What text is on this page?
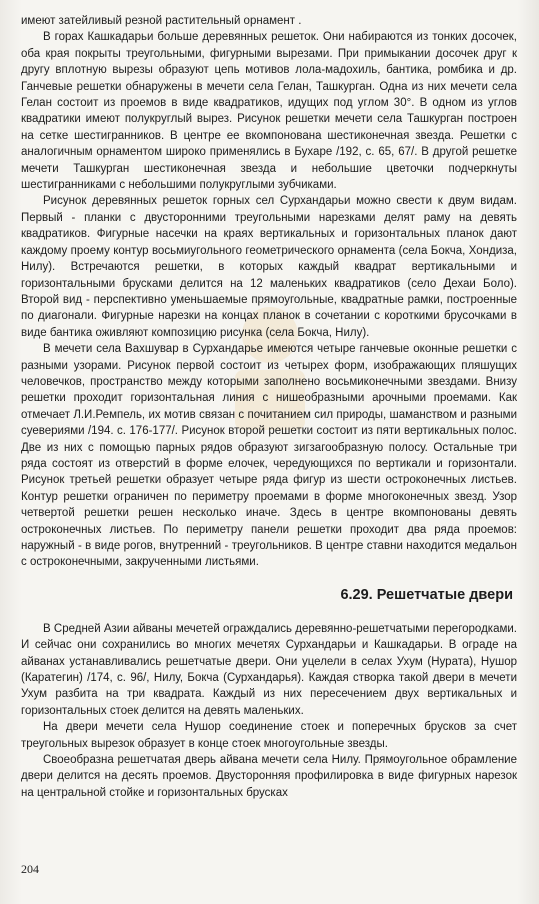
имеют затейливый резной растительный орнамент .

В горах Кашкадарьи больше деревянных решеток. Они набираются из тонких досочек, оба края покрыты треугольными, фигурными вырезами. При примыкании досочек друг к другу вплотную вырезы образуют цепь мотивов лола-мадохиль, бантика, ромбика и др. Ганчевые решетки обнаружены в мечети села Гелан, Ташкурган. Одна из них мечети села Гелан состоит из проемов в виде квадратиков, идущих под углом 30°. В одном из углов квадратики имеют полукруглый вырез. Рисунок решетки мечети села Ташкурган построен на сетке шестигранников. В центре ее вкомпонована шестиконечная звезда. Решетки с аналогичным орнаментом широко применялись в Бухаре /192, с. 65, 67/. В другой решетке мечети Ташкурган шестиконечная звезда и небольшие цветочки подчеркнуты шестигранниками с небольшими полукруглыми зубчиками.

Рисунок деревянных решеток горных сел Сурхандарьи можно свести к двум видам. Первый - планки с двусторонними треугольными нарезками делят раму на девять квадратиков. Фигурные насечки на краях вертикальных и горизонтальных планок дают каждому проему контур восьмиугольного геометрического орнамента (села Бокча, Хондиза, Нилу). Встречаются решетки, в которых каждый квадрат вертикальными и горизонтальными брусками делится на 12 маленьких квадратиков (село Дехаи Боло). Второй вид - перспективно уменьшаемые прямоугольные, квадратные рамки, построенные по диагонали. Фигурные нарезки на концах планок в сочетании с короткими брусочками в виде бантика оживляют композицию рисунка (села Бокча, Нилу).

В мечети села Вахшувар в Сурхандарье имеются четыре ганчевые оконные решетки с разными узорами. Рисунок первой состоит из четырех форм, изображающих пляшущих человечков, пространство между которыми заполнено восьмиконечными звездами. Внизу решетки проходит горизонтальная линия с нишеобразными арочными проемами. Как отмечает Л.И.Ремпель, их мотив связан с почитанием сил природы, шаманством и разными суевериями /194. с. 176-177/. Рисунок второй решетки состоит из пяти вертикальных полос. Две из них с помощью парных рядов образуют зигзагообразную полосу. Остальные три ряда состоят из отверстий в форме елочек, чередующихся по вертикали и горизонтали. Рисунок третьей решетки образует четыре ряда фигур из шести остроконечных листьев. Контур решетки ограничен по периметру проемами в форме многоконечных звезд. Узор четвертой решетки решен несколько иначе. Здесь в центре вкомпонованы девять остроконечных листьев. По периметру панели решетки проходит два ряда проемов: наружный - в виде рогов, внутренний - треугольников. В центре ставни находится медальон с остроконечными, закрученными листьями.

6.29. Решетчатые двери

В Средней Азии айваны мечетей ограждались деревянно-решетчатыми перегородками. И сейчас они сохранились во многих мечетях Сурхандарьи и Кашкадарьи. В ограде на айванах устанавливались решетчатые двери. Они уцелели в селах Ухум (Нурата), Нушор (Каратегин) /174, с. 96/, Нилу, Бокча (Сурхандарья). Каждая створка такой двери в мечети Ухум разбита на три квадрата. Каждый из них пересечением двух вертикальных и горизонтальных стоек делится на девять маленьких.

На двери мечети села Нушор соединение стоек и поперечных брусков за счет треугольных вырезок образует в конце стоек многоугольные звезды.

Своеобразна решетчатая дверь айвана мечети села Нилу. Прямоугольное обрамление двери делится на десять проемов. Двусторонняя профилировка в виде фигурных нарезок на центральной стойке и горизонтальных брусках

204
